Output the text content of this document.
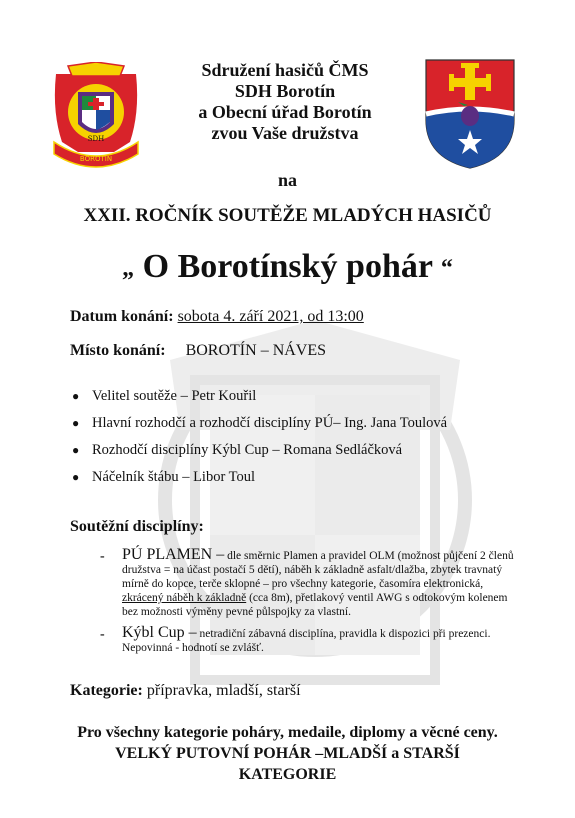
SDH
BOROTÍN
Sdružení hasičů ČMS
SDH Borotín
a Obecní úřad Borotín
zvou Vaše družstva
na
XXII. ROČNÍK SOUTĚŽE MLADÝCH HASIČŮ
„ O Borotínský pohár “
Datum konání: sobota 4. září 2021, od 13:00
Místo konání: BOROTÍN – NÁVES
● Velitel soutěže – Petr Kouřil
● Hlavní rozhodčí a rozhodčí disciplíny PÚ– Ing. Jana Toulová
● Rozhodčí disciplíny Kýbl Cup – Romana Sedláčková
● Náčelník štábu – Libor Toul
Soutěžní disciplíny:
- PÚ PLAMEN – dle směrnic Plamen a pravidel OLM (možnost půjčení 2 členů družstva = na účast postačí 5 dětí), náběh k základně asfalt/dlažba, zbytek travnatý mírně do kopce, terče sklopné – pro všechny kategorie, časomíra elektronická, zkrácený náběh k základně (cca 8m), přetlakový ventil AWG s odtokovým kolenem bez možnosti výměny pevné půlspojky za vlastní.
- Kýbl Cup – netradiční zábavná disciplína, pravidla k dispozici při prezenci. Nepovinná - hodnotí se zvlášť.
Kategorie: přípravka, mladší, starší
Pro všechny kategorie poháry, medaile, diplomy a věcné ceny.
VELKÝ PUTOVNÍ POHÁR –MLADŠÍ a STARŠÍ
KATEGORIE
